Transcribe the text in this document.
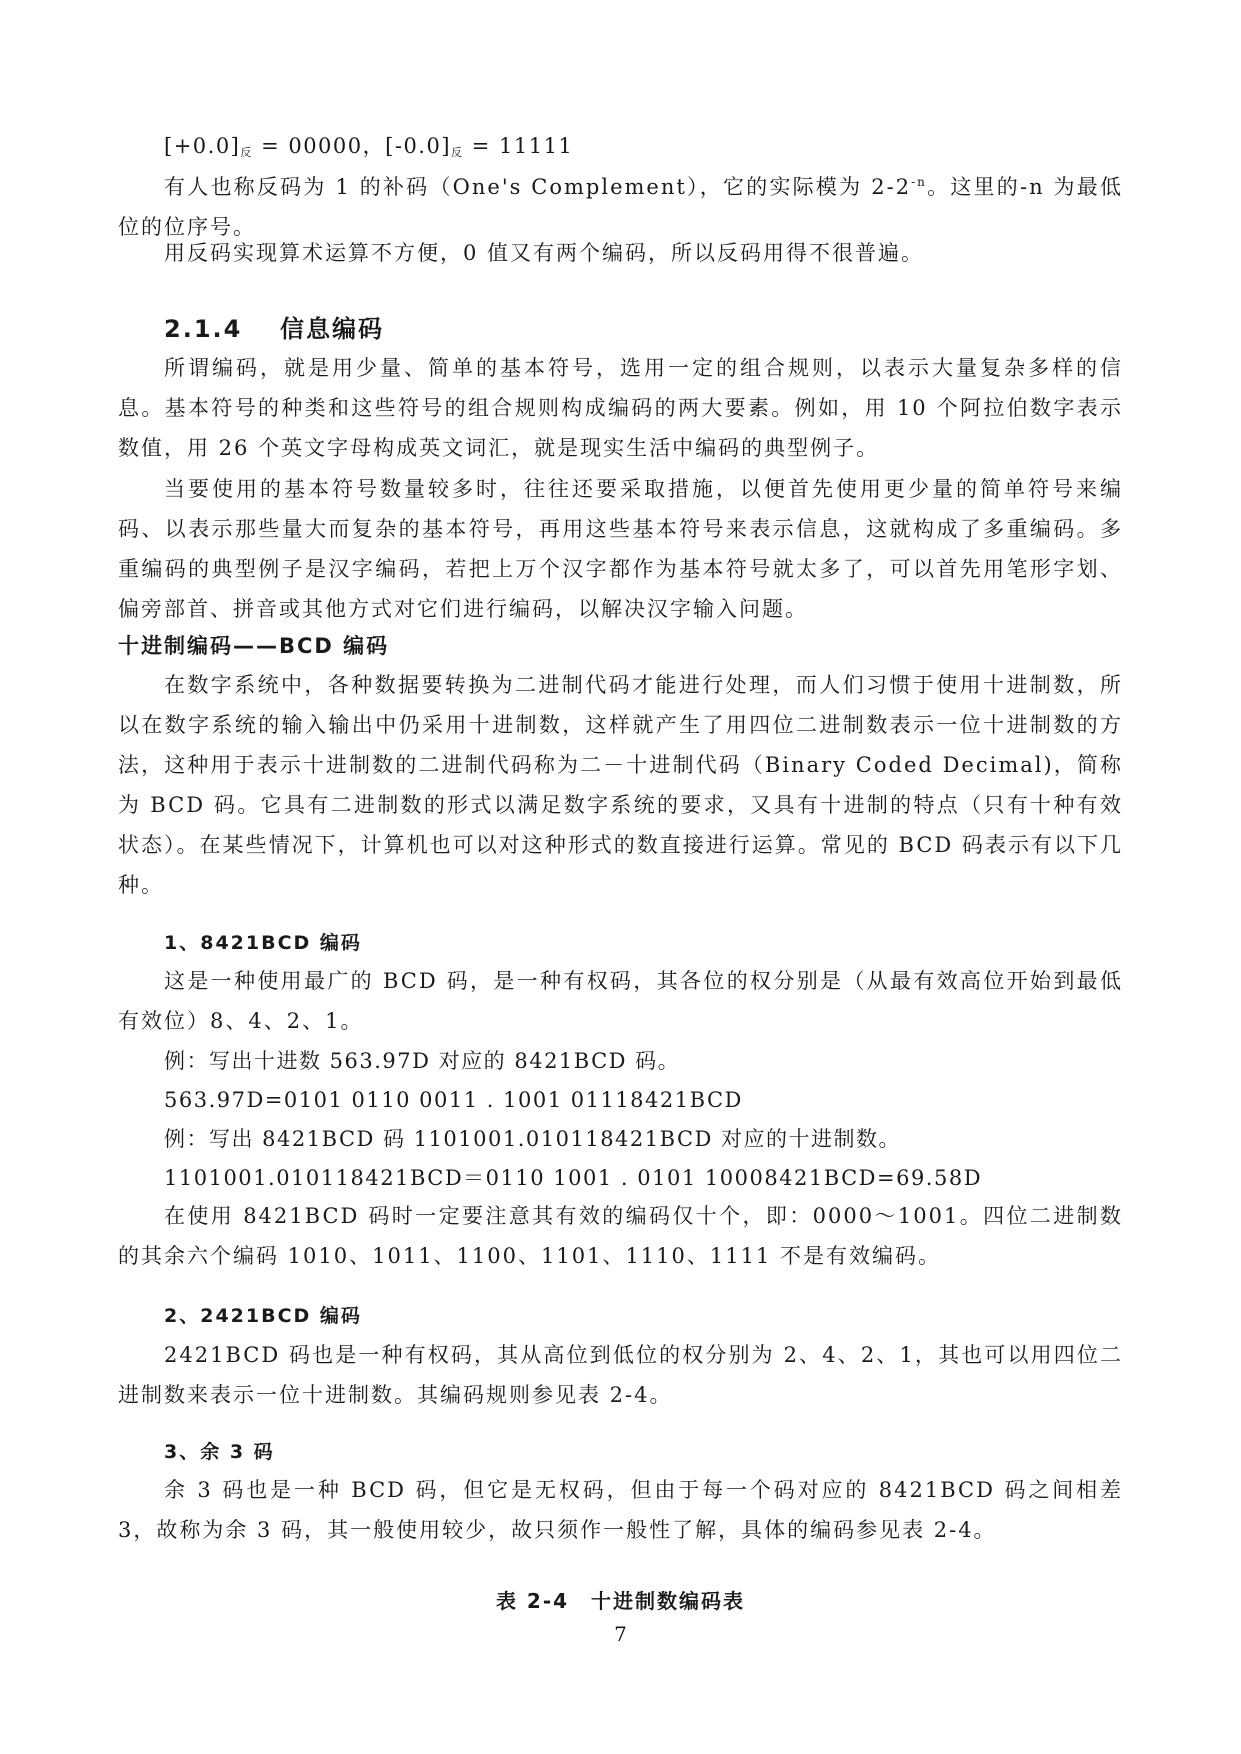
$[+0.0]_反 = 00000$，$[-0.0]_反 = 11111$

有人也称反码为 1 的补码（One's Complement），它的实际模为 $2-2^{-n}$。这里的-n 为最低位的位序号。

用反码实现算术运算不方便，0 值又有两个编码，所以反码用得不很普遍。

2.1.4 信息编码

所谓编码，就是用少量、简单的基本符号，选用一定的组合规则，以表示大量复杂多样的信息。基本符号的种类和这些符号的组合规则构成编码的两大要素。例如，用 10 个阿拉伯数字表示数值，用 26 个英文字母构成英文词汇，就是现实生活中编码的典型例子。

当要使用的基本符号数量较多时，往往还要采取措施，以便首先使用更少量的简单符号来编码、以表示那些量大而复杂的基本符号，再用这些基本符号来表示信息，这就构成了多重编码。多重编码的典型例子是汉字编码，若把上万个汉字都作为基本符号就太多了，可以首先用笔形字划、偏旁部首、拼音或其他方式对它们进行编码，以解决汉字输入问题。

十进制编码——BCD 编码

在数字系统中，各种数据要转换为二进制代码才能进行处理，而人们习惯于使用十进制数，所以在数字系统的输入输出中仍采用十进制数，这样就产生了用四位二进制数表示一位十进制数的方法，这种用于表示十进制数的二进制代码称为二－十进制代码（Binary Coded Decimal)，简称为 BCD 码。它具有二进制数的形式以满足数字系统的要求，又具有十进制的特点（只有十种有效状态）。在某些情况下，计算机也可以对这种形式的数直接进行运算。常见的 BCD 码表示有以下几种。

1、8421BCD 编码

这是一种使用最广的 BCD 码，是一种有权码，其各位的权分别是（从最有效高位开始到最低有效位）8、4、2、1。

例：写出十进数 563.97D 对应的 8421BCD 码。
563.97D=0101 0110 0011 . 1001 01118421BCD
例：写出 8421BCD 码 1101001.010118421BCD 对应的十进制数。
1101001.010118421BCD＝0110 1001 . 0101 10008421BCD=69.58D

在使用 8421BCD 码时一定要注意其有效的编码仅十个，即：0000～1001。四位二进制数的其余六个编码 1010、1011、1100、1101、1110、1111 不是有效编码。

2、2421BCD 编码

2421BCD 码也是一种有权码，其从高位到低位的权分别为 2、4、2、1，其也可以用四位二进制数来表示一位十进制数。其编码规则参见表 2-4。

3、余 3 码

余 3 码也是一种 BCD 码，但它是无权码，但由于每一个码对应的 8421BCD 码之间相差 3，故称为余 3 码，其一般使用较少，故只须作一般性了解，具体的编码参见表 2-4。

表 2-4 十进制数编码表
7
